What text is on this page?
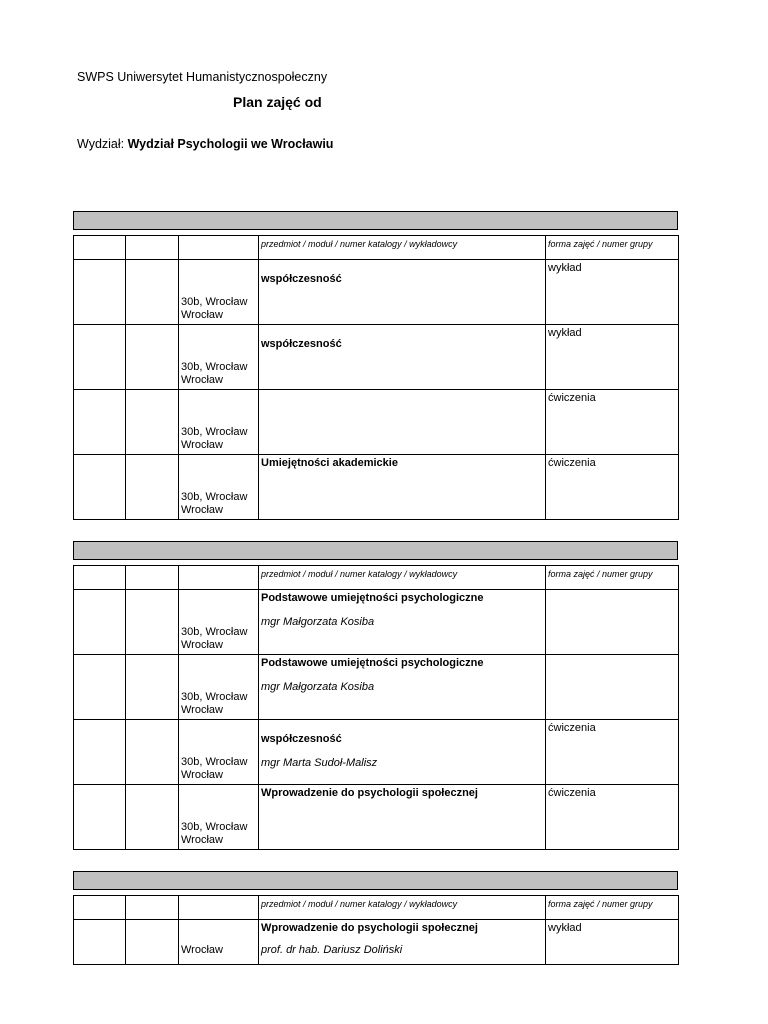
SWPS Uniwersytet Humanistycznospołeczny
Plan zajęć od
Wydział: Wydział Psychologii we Wrocławiu
			przedmiot / moduł / numer katalogy / wykładowcy	forma zajęć / numer grupy

		30b, Wrocław Wrocław	współczesność	wykład

		30b, Wrocław Wrocław	współczesność	wykład

		30b, Wrocław Wrocław		ćwiczenia

		30b, Wrocław Wrocław	Umiejętności akademickie	ćwiczenia
			przedmiot / moduł / numer katalogy / wykładowcy	forma zajęć / numer grupy

		30b, Wrocław Wrocław	Podstawowe umiejętności psychologiczne
mgr Małgorzata Kosiba	

		30b, Wrocław Wrocław	Podstawowe umiejętności psychologiczne
mgr Małgorzata Kosiba	

		30b, Wrocław Wrocław	współczesność
mgr Marta Sudoł-Malisz	ćwiczenia

		30b, Wrocław Wrocław	Wprowadzenie do psychologii społecznej	ćwiczenia
			przedmiot / moduł / numer katalogy / wykładowcy	forma zajęć / numer grupy

		Wrocław	Wprowadzenie do psychologii społecznej
prof. dr hab. Dariusz Doliński	wykład
